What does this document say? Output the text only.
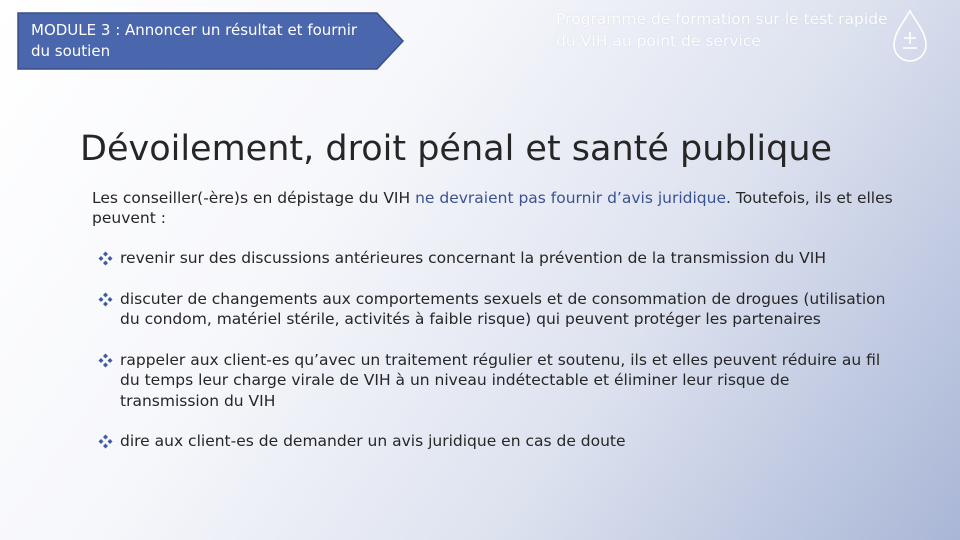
MODULE 3 : Annoncer un résultat et fournir du soutien
Programme de formation sur le test rapide du VIH au point de service
Dévoilement, droit pénal et santé publique
Les conseiller(-ère)s en dépistage du VIH ne devraient pas fournir d’avis juridique. Toutefois, ils et elles peuvent :
revenir sur des discussions antérieures concernant la prévention de la transmission du VIH
discuter de changements aux comportements sexuels et de consommation de drogues (utilisation du condom, matériel stérile, activités à faible risque) qui peuvent protéger les partenaires
rappeler aux client-es qu’avec un traitement régulier et soutenu, ils et elles peuvent réduire au fil du temps leur charge virale de VIH à un niveau indétectable et éliminer leur risque de transmission du VIH
dire aux client-es de demander un avis juridique en cas de doute
